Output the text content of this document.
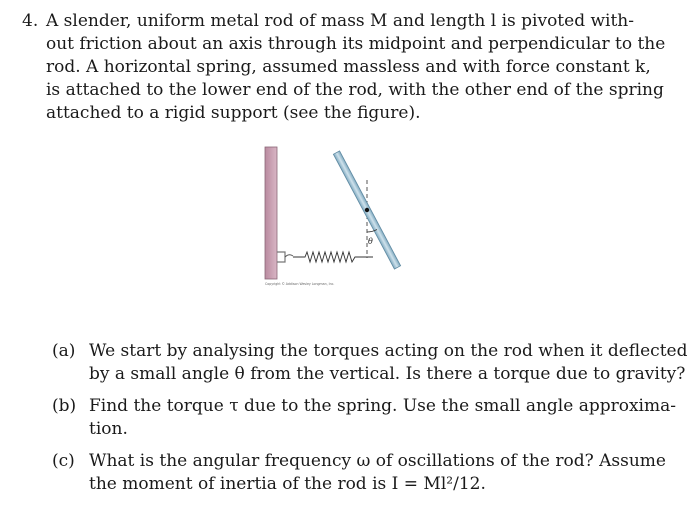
4. A slender, uniform metal rod of mass M and length l is pivoted with-
out friction about an axis through its midpoint and perpendicular to the
rod. A horizontal spring, assumed massless and with force constant k,
is attached to the lower end of the rod, with the other end of the spring
attached to a rigid support (see the figure).
θ
Copyright © Addison Wesley Longman, Inc.
(a) We start by analysing the torques acting on the rod when it deflected
by a small angle θ from the vertical. Is there a torque due to gravity?
(b) Find the torque τ due to the spring. Use the small angle approxima-
tion.
(c) What is the angular frequency ω of oscillations of the rod? Assume
the moment of inertia of the rod is I = Ml²/12.
